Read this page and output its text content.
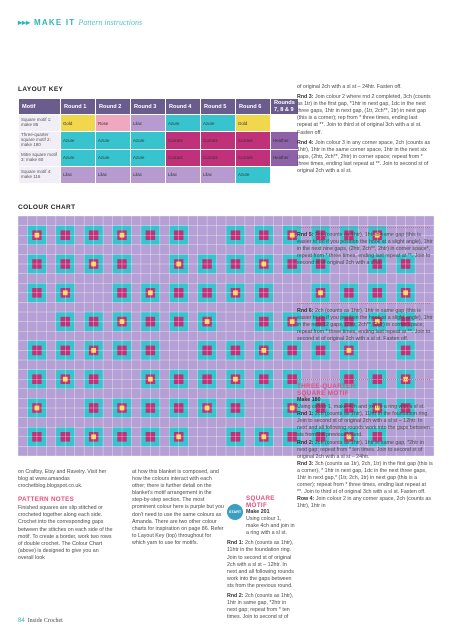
▸▸▸ MAKE IT Pattern instructions
LAYOUT KEY
Motif	Round 1	Round 2	Round 3	Round 4	Round 5	Round 6	Rounds 7, 8 & 9
Square motif 1: make 85	Gold	Rose	Lilac	Azure	Azure	Gold	
Three-quarter square motif 2: make 180	Azure	Azure	Azure	Currant	Currant	Currant	Heather
Mitre square motif 3: make 60	Azure	Azure	Azure	Currant	Currant	Currant	Heather
Square motif 4: make 116	Lilac	Lilac	Lilac	Lilac	Lilac	Azure	
COLOUR CHART

on Craftsy, Etsy and Ravelry. Visit her blog at www.amandas crochetblog.blogspot.co.uk.

PATTERN NOTES

Finished squares are slip stitched or crocheted together along each side. Crochet into the corresponding gaps between the stitches on each side of the motif. To create a border, work two rows of double crochet. The Colour Chart (above) is designed to give you an overall look

at how this blanket is composed, and how the colours interact with each other; there is further detail on the blanket's motif arrangement in the step-by-step section. The most prominent colour here is purple but you don't need to use the same colours as Amanda. There are two other colour charts for inspiration on page 86. Refer to Layout Key (top) throughout for which yarn to use for motifs.

START
SQUARE MOTIF
Make 201

Using colour 1, make 4ch and join in a ring with a sl st.

Rnd 1: 2ch (counts as 1htr), 11htr in the foundation ring. Join to second st of original 2ch with a sl st – 12htr. In next and all following rounds work into the gaps between sts from the previous round.

Rnd 2: 2ch (counts as 1htr), 1htr in same gap, *2htr in next gap; repeat from * ten times. Join to second st of

of original 2ch with a sl st – 24htr. Fasten off.

Rnd 3: Join colour 2 where rnd 2 completed, 3ch (counts as 1tr) in the first gap, *1htr in next gap, 1dc in the next three gaps, 1htr in next gap, (1tr, 2ch**, 1tr) in next gap (this is a corner); rep from * three times, ending last repeat at **. Join to third st of original 3ch with a sl st. Fasten off.

Rnd 4: Join colour 3 in any corner space, 2ch (counts as 1htr), 1htr in the same corner space, 1htr in the next six gaps, (2htr, 2ch**, 2htr) in corner space; repeat from * three times, ending last repeat at **. Join to second st of original 2ch with a sl st.

Rnd 5: 2ch (counts as 1htr), 1htr in same gap (this is easier to do if you position the hook at a slight angle), 1htr in the next nine gaps, (2htr, 2ch**, 2htr) in corner space*, repeat from * three times, ending last repeat at **. Join to second st of original 2ch with a sl st.

Rnd 6: 2ch (counts as 1htr), 1htr in same gap (this is easier to do if you position the hook at a slight angle), 1htr in the next 12 gaps, (2htr, 2ch**, 2htr) in corner space; repeat from * three times, ending last repeat at **. Join to second st of original 2ch with a sl st. Fasten off.

THREE-QUARTER
SQUARE MOTIF
Make 180

Using colour 1, make 4ch and join in a ring with a sl st.

Rnd 1: 2ch (counts as 1htr), 11htr in the foundation ring. Join to second st of original 2ch with a sl st – 12htr. In next and all following rounds work into the gaps between sts from the previous round.

Rnd 2: 2ch (counts as 1htr), 1htr in same gap, *2htr in next gap; repeat from * ten times. Join to second st of original 2ch with a sl st – 24htr.

Rnd 3: 3ch (counts as 1tr), 2ch, 1tr) in the first gap (this is a corner), * 1htr in next gap, 1dc in the next three gaps, 1htr in next gap,* (1tr, 2ch, 1tr) in next gap (this is a corner); repeat from * three times, ending last repeat at **. Join to third st of original 3ch with a sl st. Fasten off.

Row 4: Join colour 2 in any corner space, 2ch (counts as 1htr), 1htr in

84 Inside Crochet
